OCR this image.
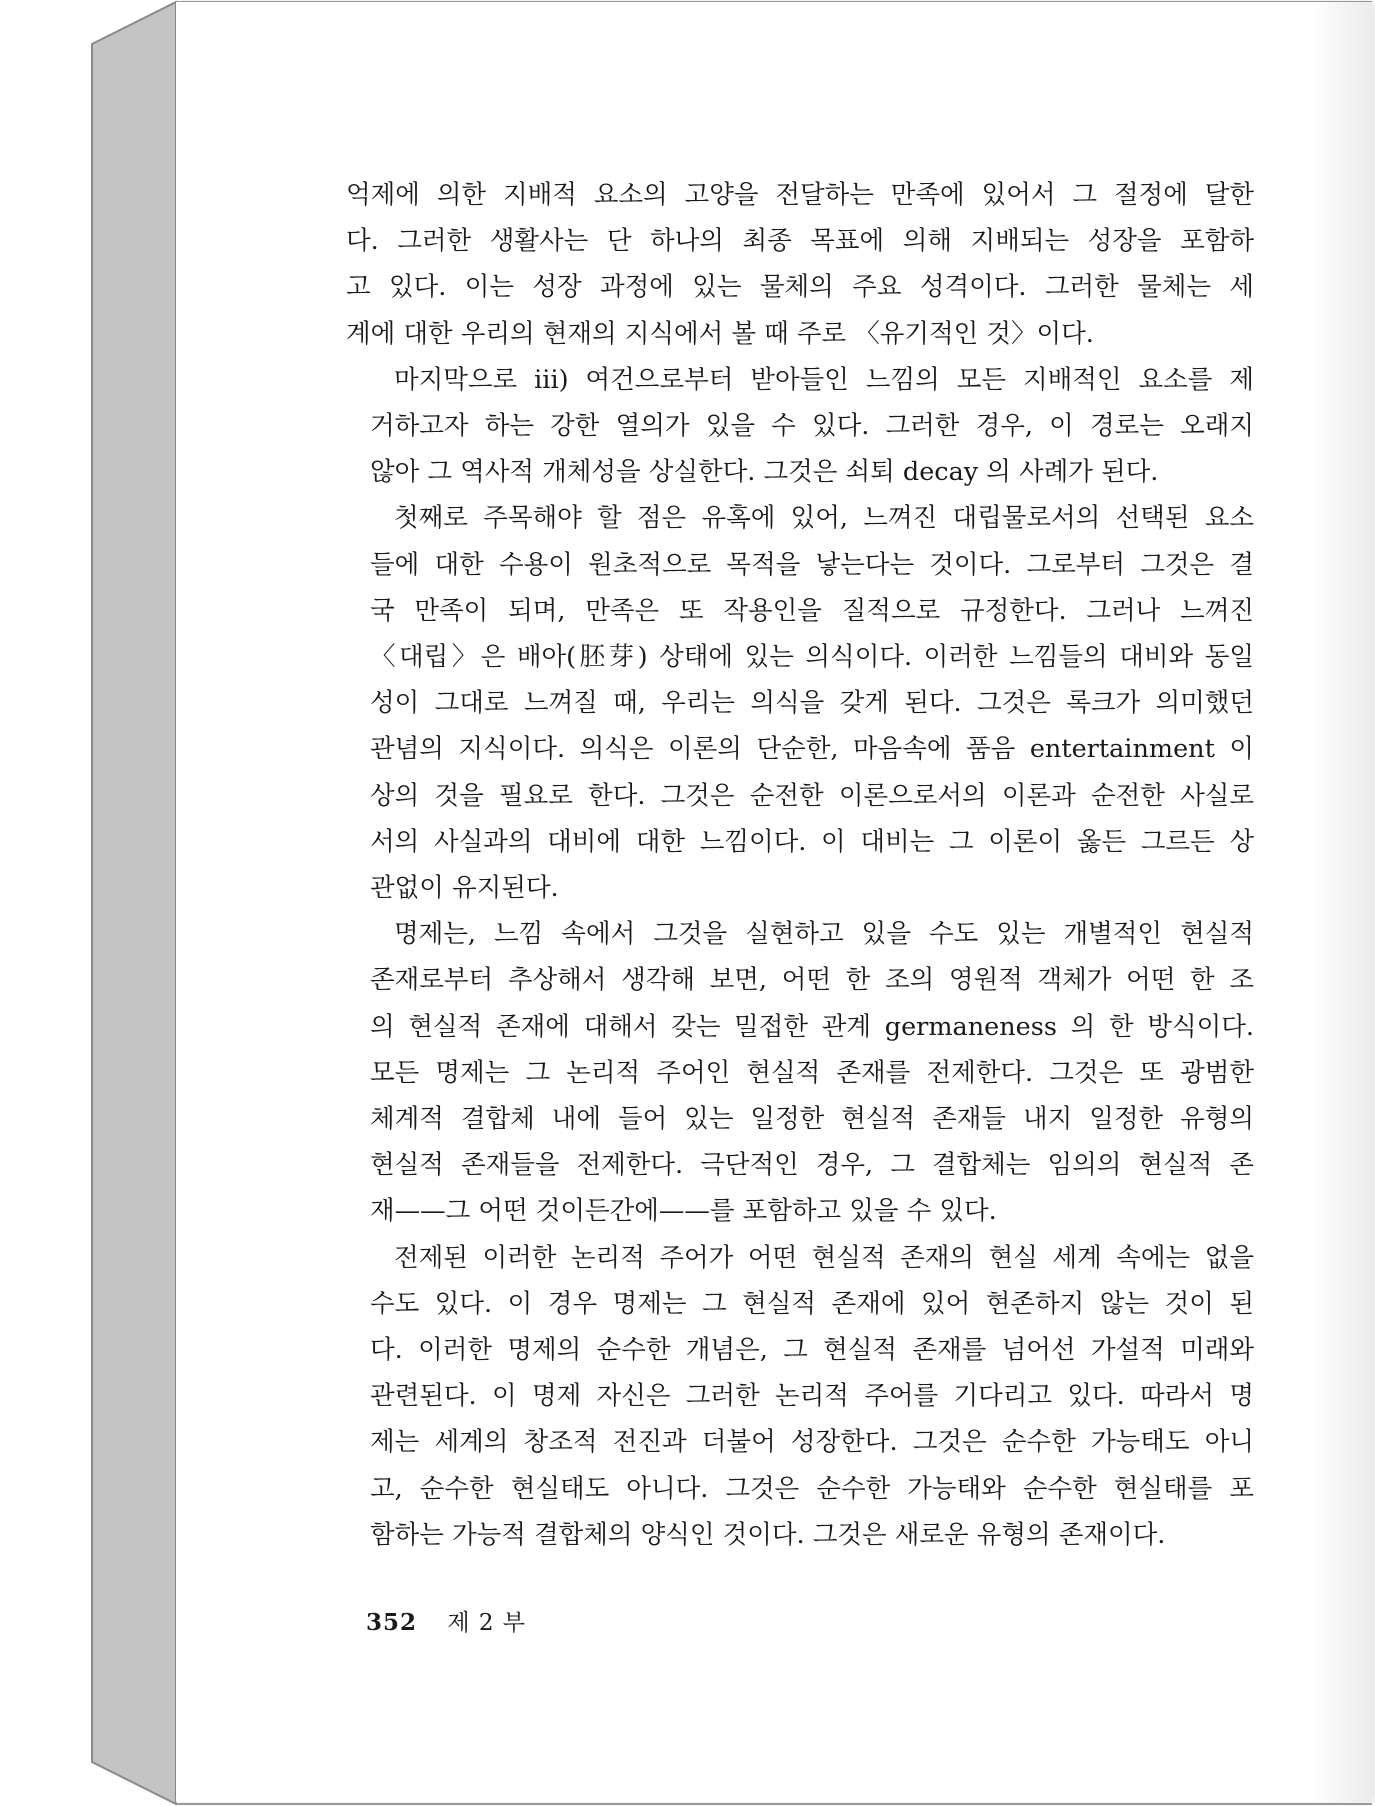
억제에 의한 지배적 요소의 고양을 전달하는 만족에 있어서 그 절정에 달한
다. 그러한 생활사는 단 하나의 최종 목표에 의해 지배되는 성장을 포함하
고 있다. 이는 성장 과정에 있는 물체의 주요 성격이다. 그러한 물체는 세
계에 대한 우리의 현재의 지식에서 볼 때 주로 〈유기적인 것〉이다.

마지막으로 iii) 여건으로부터 받아들인 느낌의 모든 지배적인 요소를 제
거하고자 하는 강한 열의가 있을 수 있다. 그러한 경우, 이 경로는 오래지
않아 그 역사적 개체성을 상실한다. 그것은 쇠퇴 decay 의 사례가 된다.

첫째로 주목해야 할 점은 유혹에 있어, 느껴진 대립물로서의 선택된 요소
들에 대한 수용이 원초적으로 목적을 낳는다는 것이다. 그로부터 그것은 결
국 만족이 되며, 만족은 또 작용인을 질적으로 규정한다. 그러나 느껴진
〈대립〉은 배아(胚芽) 상태에 있는 의식이다. 이러한 느낌들의 대비와 동일
성이 그대로 느껴질 때, 우리는 의식을 갖게 된다. 그것은 록크가 의미했던
관념의 지식이다. 의식은 이론의 단순한, 마음속에 품음 entertainment 이
상의 것을 필요로 한다. 그것은 순전한 이론으로서의 이론과 순전한 사실로
서의 사실과의 대비에 대한 느낌이다. 이 대비는 그 이론이 옳든 그르든 상
관없이 유지된다.

명제는, 느낌 속에서 그것을 실현하고 있을 수도 있는 개별적인 현실적
존재로부터 추상해서 생각해 보면, 어떤 한 조의 영원적 객체가 어떤 한 조
의 현실적 존재에 대해서 갖는 밀접한 관계 germaneness 의 한 방식이다.
모든 명제는 그 논리적 주어인 현실적 존재를 전제한다. 그것은 또 광범한
체계적 결합체 내에 들어 있는 일정한 현실적 존재들 내지 일정한 유형의
현실적 존재들을 전제한다. 극단적인 경우, 그 결합체는 임의의 현실적 존
재——그 어떤 것이든간에——를 포함하고 있을 수 있다.

전제된 이러한 논리적 주어가 어떤 현실적 존재의 현실 세계 속에는 없을
수도 있다. 이 경우 명제는 그 현실적 존재에 있어 현존하지 않는 것이 된
다. 이러한 명제의 순수한 개념은, 그 현실적 존재를 넘어선 가설적 미래와
관련된다. 이 명제 자신은 그러한 논리적 주어를 기다리고 있다. 따라서 명
제는 세계의 창조적 전진과 더불어 성장한다. 그것은 순수한 가능태도 아니
고, 순수한 현실태도 아니다. 그것은 순수한 가능태와 순수한 현실태를 포
함하는 가능적 결합체의 양식인 것이다. 그것은 새로운 유형의 존재이다.

352 제 2 부
